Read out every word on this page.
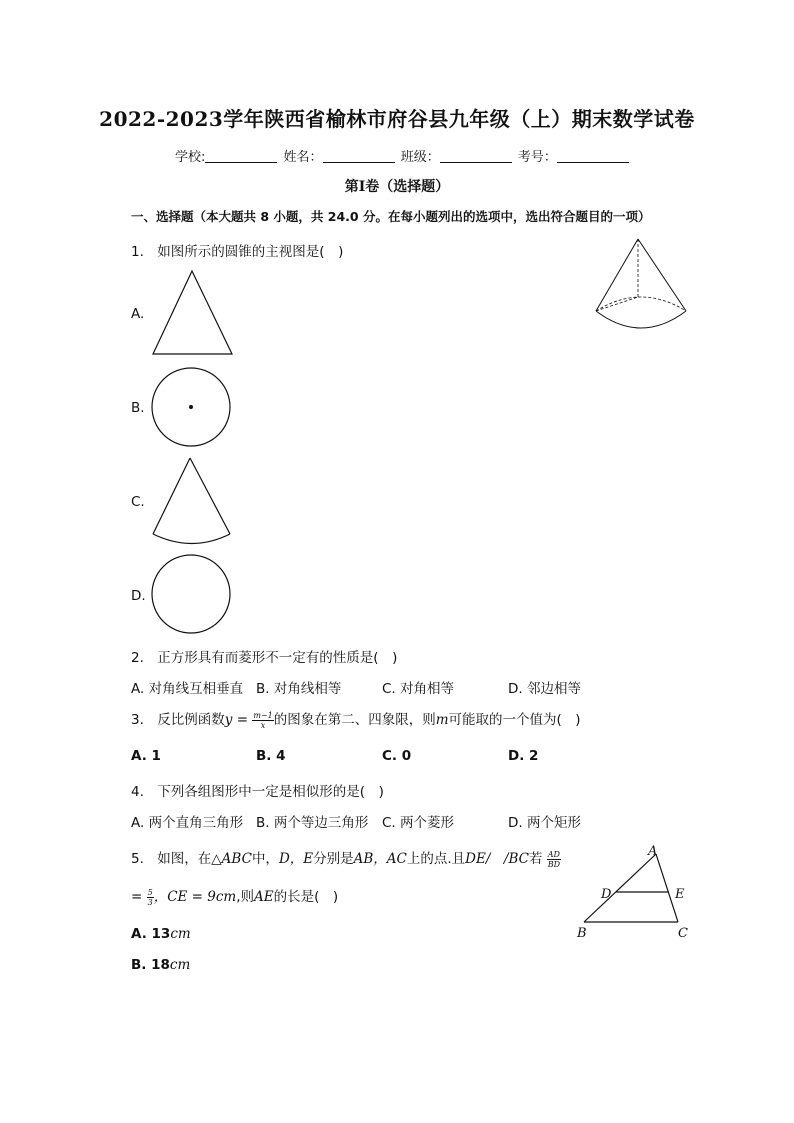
2022-2023学年陕西省榆林市府谷县九年级（上）期末数学试卷
学校:	姓名：	班级：	考号：
第I卷（选择题）
一、选择题（本大题共 8 小题，共 24.0 分。在每小题列出的选项中，选出符合题目的一项）
1. 如图所示的圆锥的主视图是(　)
A.
B.
C.
D.
2. 正方形具有而菱形不一定有的性质是(　)
A. 对角线互相垂直 B. 对角线相等	C. 对角相等	D. 邻边相等
3. 反比例函数$y = \frac{m-1}{x}$ 的图象在第二、四象限，则m可能取的一个值为(　)
A. 1	B. 4	C. 0	D. 2
4. 下列各组图形中一定是相似形的是(　)
A. 两个直角三角形 B. 两个等边三角形 C. 两个菱形	D. 两个矩形
5. 如图，在△ABC中，D，E分别是AB，AC上的点.且DE/　/BC若 $\frac{AD}{BD}$
= $\frac{5}{3}$ ，CE = 9cm,则AE的长是(　)
A
D	E
B	C
A. 13cm
B. 18cm
